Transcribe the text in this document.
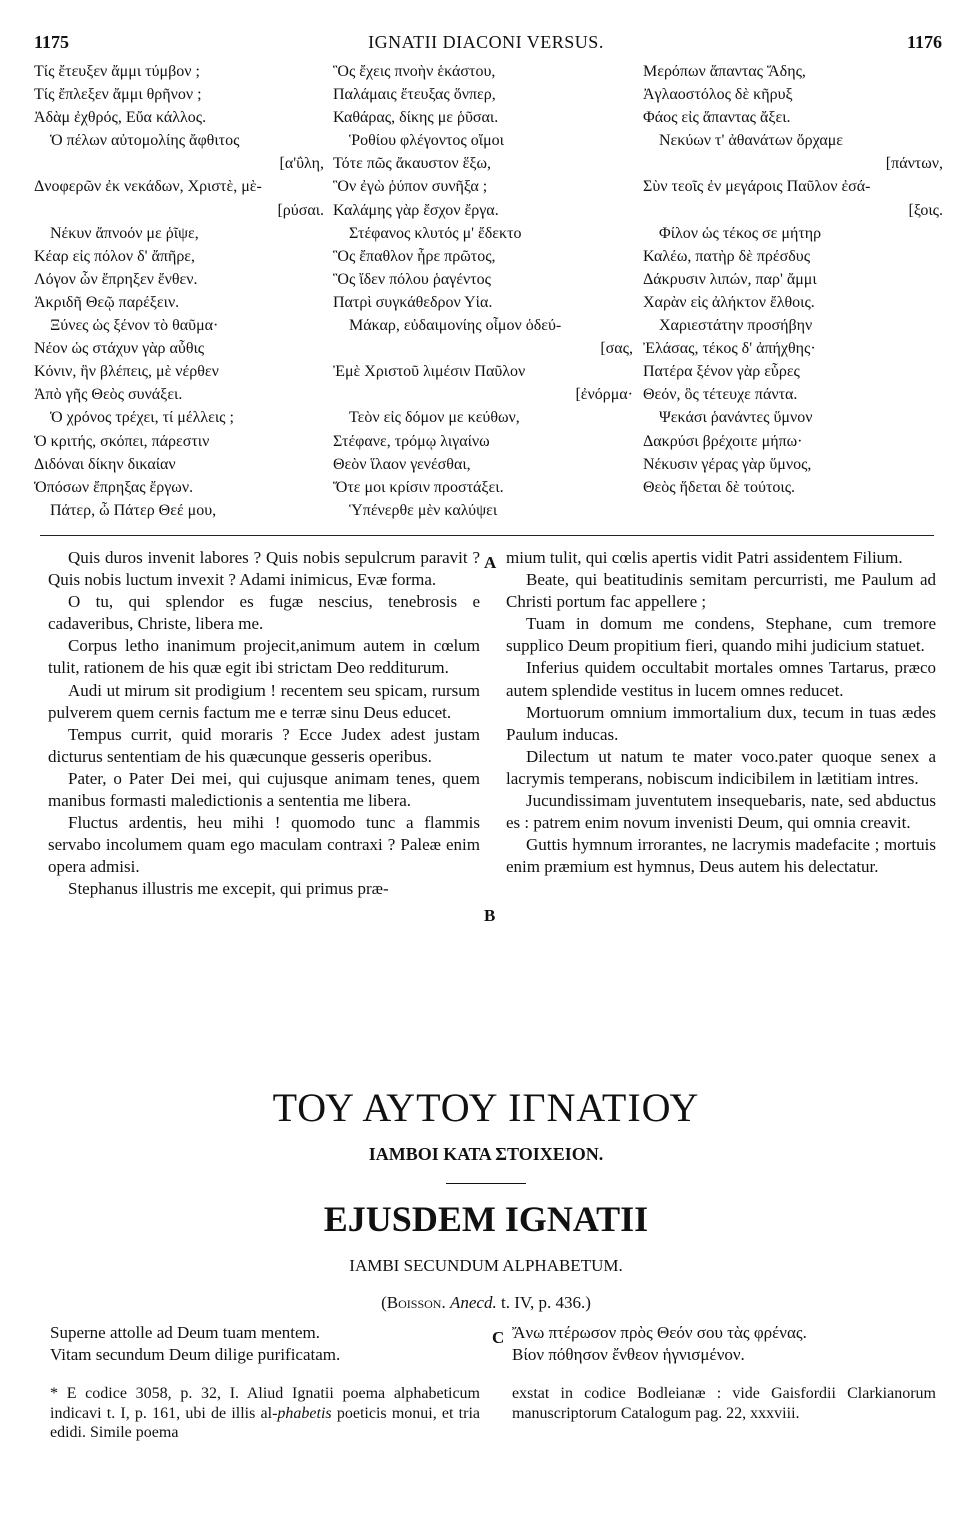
1175	IGNATII DIACONI VERSUS.	1176
Τίς ἔτευξεν ἄμμι τύμβον ;
Τίς ἔπλεξεν ἄμμι θρῆνον ;
Ἀδὰμ ἐχθρός, Εὔα κάλλος.
Ὁ πέλων αὐτομολίης ἄφθιτος
[α'ΰλη,
Δνοφερῶν ἐκ νεκάδων, Χριστὲ, μὲ-
[ρύσαι.
Νέκυν ἄπνοόν με ῥῖψε,
Κέαρ εἰς πόλον δ' ἄπῆρε,
Λόγον ὧν ἔπρηξεν ἔνθεν.
Ἀκριδῆ Θεῷ παρέξειν.
Ξύνες ὡς ξένον τὸ θαῦμα·
Νέον ὡς στάχυν γὰρ αὖθις
Κόνιν, ἣν βλέπεις, μὲ νέρθεν
Ἀπὸ γῆς Θεὸς συνάξει.
Ὁ χρόνος τρέχει, τί μέλλεις ;
Ὁ κριτής, σκόπει, πάρεστιν
Διδόναι δίκην δικαίαν
Ὁπόσων ἔπρηξας ἔργων.
Πάτερ, ὦ Πάτερ Θεέ μου,
Ὃς ἔχεις πνοὴν ἑκάστου,
Παλάμαις ἔτευξας ὅνπερ,
Καθάρας, δίκης με ῥῦσαι.
Ῥοθίου φλέγοντος οἴμοι
Τότε πῶς ἄκαυστον ἕξω,
Ὃν ἐγὼ ῥύπον συνῆξα ;
Καλάμης γὰρ ἔσχον ἔργα.
Στέφανος κλυτός μ' ἔδεκτο
Ὃς ἔπαθλον ἦρε πρῶτος,
Ὃς ἴδεν πόλου ῥαγέντος
Πατρὶ συγκάθεδρον Υἱα.
Μάκαρ, εὐδαιμονίης οἶμον ὁδεύ-
[σας,
Ἐμὲ Χριστοῦ λιμέσιν Παῦλον
[ἐνόρμα·
Τεὸν εἰς δόμον με κεύθων,
Στέφανε, τρόμῳ λιγαίνω
Θεὸν ἵλαον γενέσθαι,
Ὅτε μοι κρίσιν προστάξει.
Ὑπένερθε μὲν καλύψει
Μερόπων ἅπαντας Ἅδης,
Ἀγλαοστόλος δὲ κῆρυξ
Φάος εἰς ἅπαντας ἄξει.
Νεκύων τ' ἀθανάτων ὄρχαμε
[πάντων,
Σὺν τεοῖς ἐν μεγάροις Παῦλον ἐσά-
[ξοις.
Φίλον ὡς τέκος σε μήτηρ
Καλέω, πατὴρ δὲ πρέσδυς
Δάκρυσιν λιπών, παρ' ἄμμι
Χαρὰν εἰς ἀλήκτον ἔλθοις.
Χαριεστάτην προσήβην
Ἐλάσας, τέκος δ' ἀπήχθης·
Πατέρα ξένον γὰρ εὗρες
Θεόν, ὃς τέτευχε πάντα.
Ψεκάσι ῥανάντες ὕμνον
Δακρύσι βρέχοιτε μήπω·
Νέκυσιν γέρας γὰρ ὕμνος,
Θεὸς ἥδεται δὲ τούτοις.

Quis duros invenit labores ? Quis nobis sepulcrum paravit ? Quis nobis luctum invexit ? Adami inimicus, Evæ forma.

O tu, qui splendor es fugæ nescius, tenebrosis e cadaveribus, Christe, libera me.

Corpus letho inanimum projecit,animum autem in cœlum tulit, rationem de his quæ egit ibi strictam Deo redditurum.

Audi ut mirum sit prodigium ! recentem seu spicam, rursum pulverem quem cernis factum me e terræ sinu Deus educet.

Tempus currit, quid moraris ? Ecce Judex adest justam dicturus sententiam de his quæcunque gesseris operibus.

Pater, o Pater Dei mei, qui cujusque animam tenes, quem manibus formasti maledictionis a sententia me libera.

Fluctus ardentis, heu mihi ! quomodo tunc a flammis servabo incolumem quam ego maculam contraxi ? Paleæ enim opera admisi.

Stephanus illustris me excepit, qui primus præ-

mium tulit, qui cœlis apertis vidit Patri assidentem Filium.

Beate, qui beatitudinis semitam percurristi, me Paulum ad Christi portum fac appellere ;

Tuam in domum me condens, Stephane, cum tremore supplico Deum propitium fieri, quando mihi judicium statuet.

Inferius quidem occultabit mortales omnes Tartarus, præco autem splendide vestitus in lucem omnes reducet.

Mortuorum omnium immortalium dux, tecum in tuas ædes Paulum inducas.

Dilectum ut natum te mater voco.pater quoque senex a lacrymis temperans, nobiscum indicibilem in lætitiam intres.

Jucundissimam juventutem insequebaris, nate, sed abductus es : patrem enim novum invenisti Deum, qui omnia creavit.

Guttis hymnum irrorantes, ne lacrymis madefacite ; mortuis enim præmium est hymnus, Deus autem his delectatur.

A
B
C
ΤΟΥ ΑΥΤΟΥ ΙΓΝΑΤΙΟΥ
ΙΑΜΒΟΙ ΚΑΤΑ ΣΤΟΙΧΕΙΟΝ.
EJUSDEM IGNATII
IAMBI SECUNDUM ALPHABETUM.
(Boisson. Anecd. t. IV, p. 436.)
Superne attolle ad Deum tuam mentem.
Vitam secundum Deum dilige purificatam.
Ἄνω πτέρωσον πρὸς Θεόν σου τὰς φρένας.
Βίον πόθησον ἔνθεον ἡγνισμένον.

* E codice 3058, p. 32, I. Aliud Ignatii poema alphabeticum indicavi t. I, p. 161, ubi de illis al-phabetis poeticis monui, et tria edidi. Simile poema

exstat in codice Bodleianæ : vide Gaisfordii Clarkianorum manuscriptorum Catalogum pag. 22, xxxviii.
